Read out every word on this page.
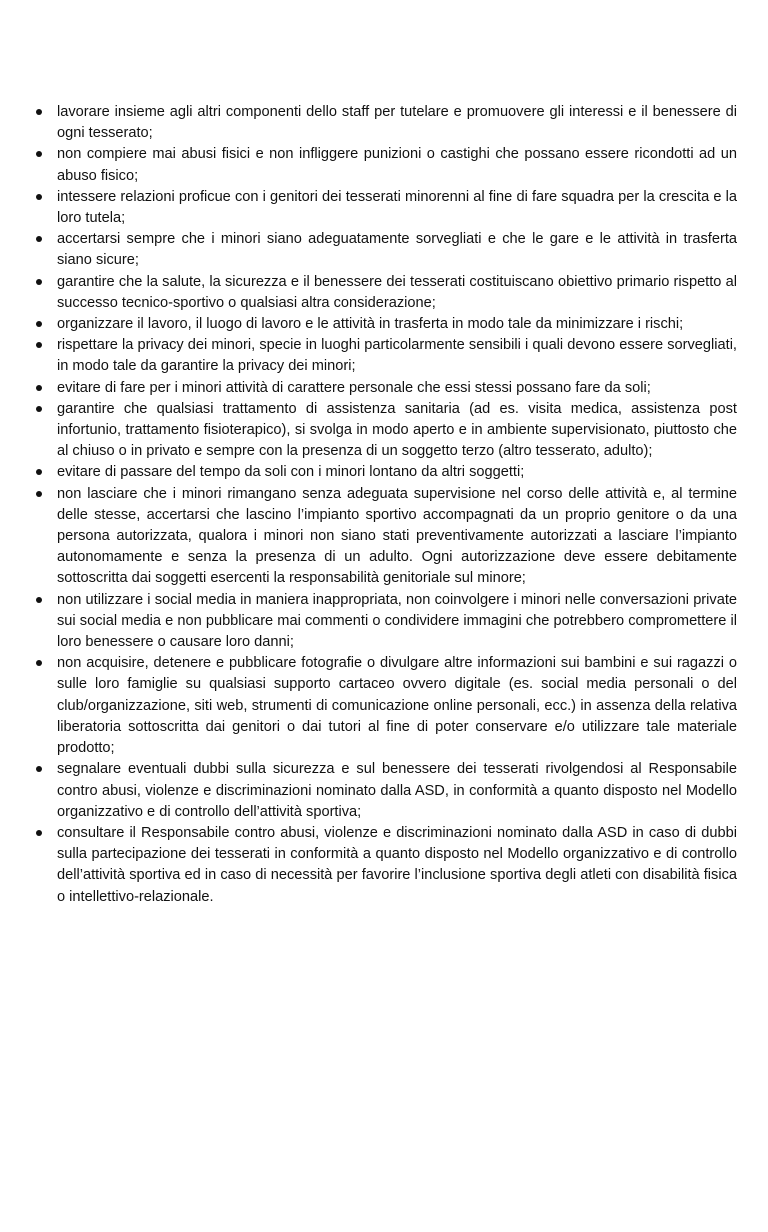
lavorare insieme agli altri componenti dello staff per tutelare e promuovere gli interessi e il benessere di ogni tesserato;
non compiere mai abusi fisici e non infliggere punizioni o castighi che possano essere ricondotti ad un abuso fisico;
intessere relazioni proficue con i genitori dei tesserati minorenni al fine di fare squadra per la crescita e la loro tutela;
accertarsi sempre che i minori siano adeguatamente sorvegliati e che le gare e le attività in trasferta siano sicure;
garantire che la salute, la sicurezza e il benessere dei tesserati costituiscano obiettivo primario rispetto al successo tecnico-sportivo o qualsiasi altra considerazione;
organizzare il lavoro, il luogo di lavoro e le attività in trasferta in modo tale da minimizzare i rischi;
rispettare la privacy dei minori, specie in luoghi particolarmente sensibili i quali devono essere sorvegliati, in modo tale da garantire la privacy dei minori;
evitare di fare per i minori attività di carattere personale che essi stessi possano fare da soli;
garantire che qualsiasi trattamento di assistenza sanitaria (ad es. visita medica, assistenza post infortunio, trattamento fisioterapico), si svolga in modo aperto e in ambiente supervisionato, piuttosto che al chiuso o in privato e sempre con la presenza di un soggetto terzo (altro tesserato, adulto);
evitare di passare del tempo da soli con i minori lontano da altri soggetti;
non lasciare che i minori rimangano senza adeguata supervisione nel corso delle attività e, al termine delle stesse, accertarsi che lascino l’impianto sportivo accompagnati da un proprio genitore o da una persona autorizzata, qualora i minori non siano stati preventivamente autorizzati a lasciare l’impianto autonomamente e senza la presenza di un adulto. Ogni autorizzazione deve essere debitamente sottoscritta dai soggetti esercenti la responsabilità genitoriale sul minore;
non utilizzare i social media in maniera inappropriata, non coinvolgere i minori nelle conversazioni private sui social media e non pubblicare mai commenti o condividere immagini che potrebbero compromettere il loro benessere o causare loro danni;
non acquisire, detenere e pubblicare fotografie o divulgare altre informazioni sui bambini e sui ragazzi o sulle loro famiglie su qualsiasi supporto cartaceo ovvero digitale (es. social media personali o del club/organizzazione, siti web, strumenti di comunicazione online personali, ecc.) in assenza della relativa liberatoria sottoscritta dai genitori o dai tutori al fine di poter conservare e/o utilizzare tale materiale prodotto;
segnalare eventuali dubbi sulla sicurezza e sul benessere dei tesserati rivolgendosi al Responsabile contro abusi, violenze e discriminazioni nominato dalla ASD, in conformità a quanto disposto nel Modello organizzativo e di controllo dell’attività sportiva;
consultare il Responsabile contro abusi, violenze e discriminazioni nominato dalla ASD in caso di dubbi sulla partecipazione dei tesserati in conformità a quanto disposto nel Modello organizzativo e di controllo dell’attività sportiva ed in caso di necessità per favorire l’inclusione sportiva degli atleti con disabilità fisica o intellettivo-relazionale.
